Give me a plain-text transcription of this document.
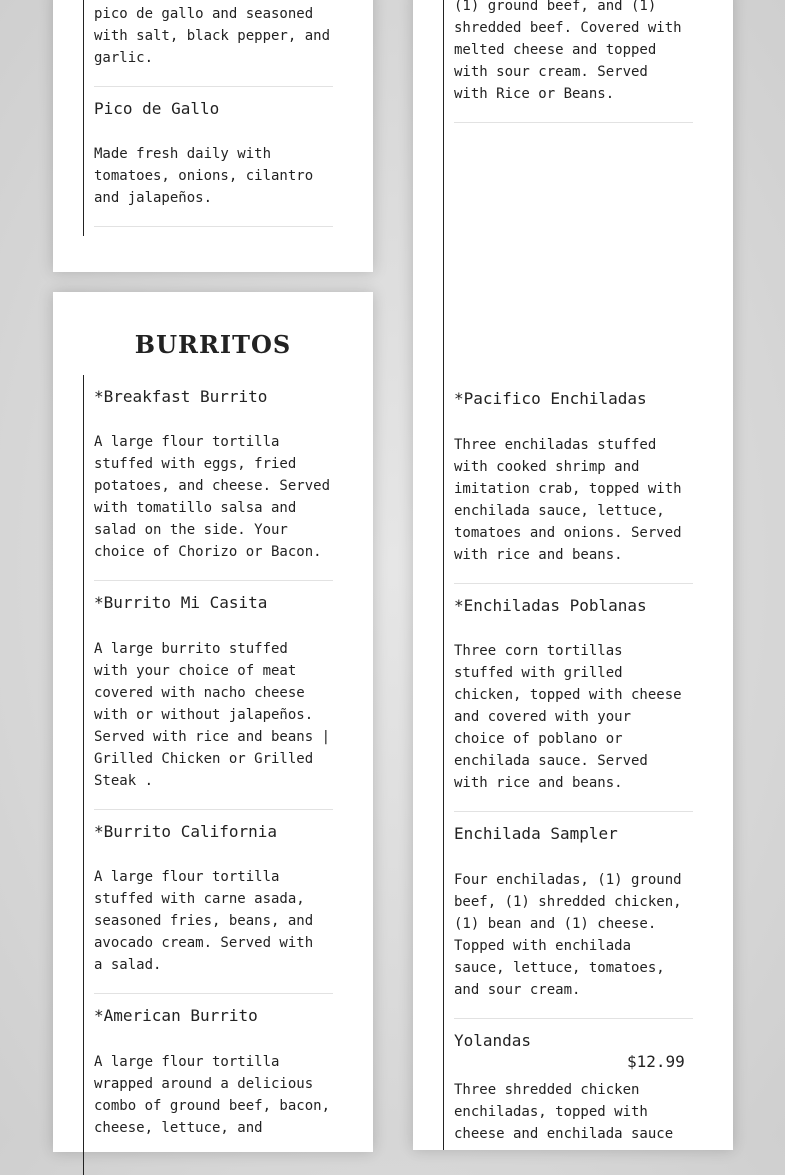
pico de gallo and seasoned
with salt, black pepper, and
garlic.
Pico de Gallo
Made fresh daily with
tomatoes, onions, cilantro
and jalapeños.
BURRITOS
*Breakfast Burrito
A large flour tortilla
stuffed with eggs, fried
potatoes, and cheese. Served
with tomatillo salsa and
salad on the side. Your
choice of Chorizo or Bacon.
*Burrito Mi Casita
A large burrito stuffed
with your choice of meat
covered with nacho cheese
with or without jalapeños.
Served with rice and beans |
Grilled Chicken or Grilled
Steak .
*Burrito California
A large flour tortilla
stuffed with carne asada,
seasoned fries, beans, and
avocado cream. Served with
a salad.
*American Burrito
A large flour tortilla
wrapped around a delicious
combo of ground beef, bacon,
cheese, lettuce, and
(1) ground beef, and (1)
shredded beef. Covered with
melted cheese and topped
with sour cream. Served
with Rice or Beans.
*Pacifico Enchiladas
Three enchiladas stuffed
with cooked shrimp and
imitation crab, topped with
enchilada sauce, lettuce,
tomatoes and onions. Served
with rice and beans.
*Enchiladas Poblanas
Three corn tortillas
stuffed with grilled
chicken, topped with cheese
and covered with your
choice of poblano or
enchilada sauce. Served
with rice and beans.
Enchilada Sampler
Four enchiladas, (1) ground
beef, (1) shredded chicken,
(1) bean and (1) cheese.
Topped with enchilada
sauce, lettuce, tomatoes,
and sour cream.
Yolandas
$12.99
Three shredded chicken
enchiladas, topped with
cheese and enchilada sauce
